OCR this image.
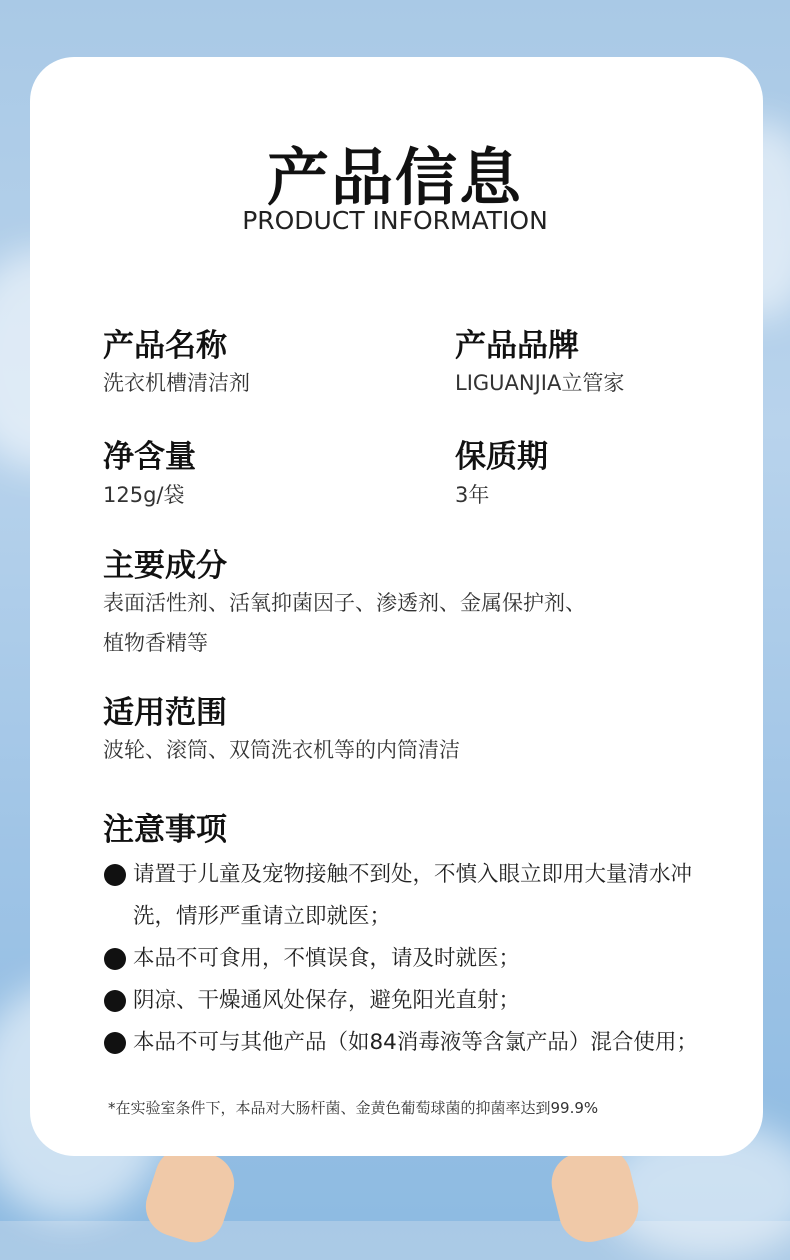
产品信息
PRODUCT INFORMATION
产品名称
洗衣机槽清洁剂
产品品牌
LIGUANJIA立管家
净含量
125g/袋
保质期
3年
主要成分
表面活性剂、活氧抑菌因子、渗透剂、金属保护剂、
植物香精等
适用范围
波轮、滚筒、双筒洗衣机等的内筒清洁
注意事项
请置于儿童及宠物接触不到处，不慎入眼立即用大量清水冲
洗，情形严重请立即就医；
本品不可食用，不慎误食，请及时就医；
阴凉、干燥通风处保存，避免阳光直射；
本品不可与其他产品（如84消毒液等含氯产品）混合使用；
*在实验室条件下，本品对大肠杆菌、金黄色葡萄球菌的抑菌率达到99.9%
